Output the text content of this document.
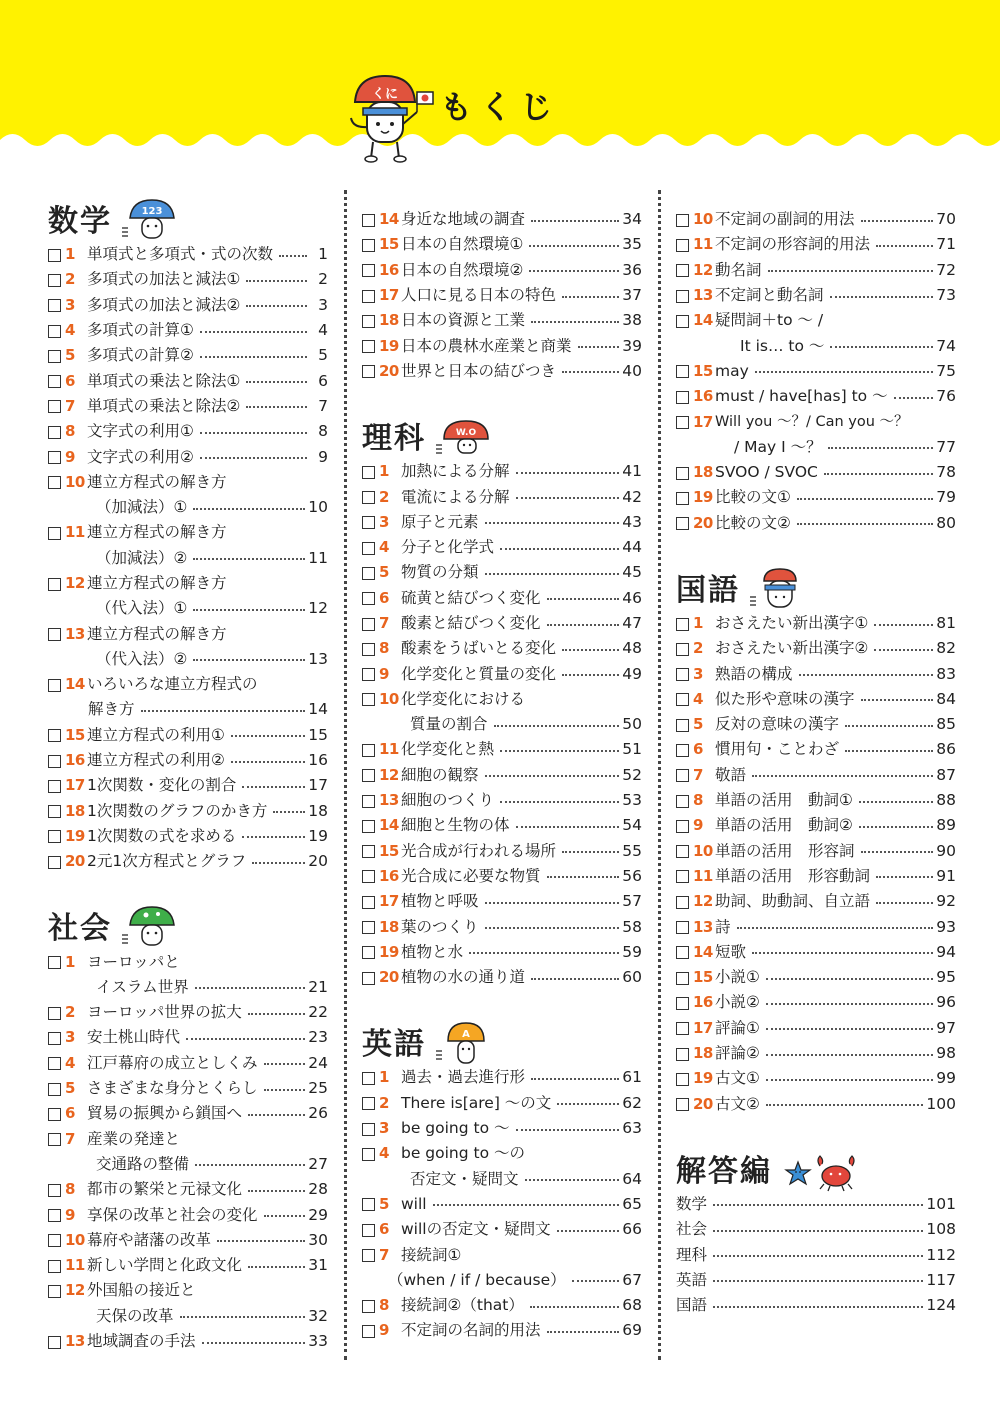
くに
日 もくじ
数学	123
1 単項式と多項式・式の次数	1
2 多項式の加法と減法①	2
3 多項式の加法と減法②	3
4 多項式の計算①	4
5 多項式の計算②	5
6 単項式の乗法と除法①	6
7 単項式の乗法と除法②	7
8 文字式の利用①	8
9 文字式の利用②	9
10 連立方程式の解き方
（加減法）①	10
11 連立方程式の解き方
（加減法）②	11
12 連立方程式の解き方
（代入法）①	12
13 連立方程式の解き方
（代入法）②	13
14 いろいろな連立方程式の
解き方	14
15 連立方程式の利用①	15
16 連立方程式の利用②	16
17 1次関数・変化の割合	17
18 1次関数のグラフのかき方	18
19 1次関数の式を求める	19
20 2元1次方程式とグラフ	20
社会
1 ヨーロッパと
イスラム世界	21
2 ヨーロッパ世界の拡大	22
3 安土桃山時代	23
4 江戸幕府の成立としくみ	24
5 さまざまな身分とくらし	25
6 貿易の振興から鎖国へ	26
7 産業の発達と
交通路の整備	27
8 都市の繁栄と元禄文化	28
9 享保の改革と社会の変化	29
10 幕府や諸藩の改革	30
11 新しい学問と化政文化	31
12 外国船の接近と
天保の改革	32
13 地域調査の手法	33
14 身近な地域の調査	34
15 日本の自然環境①	35
16 日本の自然環境②	36
17 人口に見る日本の特色	37
18 日本の資源と工業	38
19 日本の農林水産業と商業	39
20 世界と日本の結びつき	40
理科	W.O
1 加熱による分解	41
2 電流による分解	42
3 原子と元素	43
4 分子と化学式	44
5 物質の分類	45
6 硫黄と結びつく変化	46
7 酸素と結びつく変化	47
8 酸素をうばいとる変化	48
9 化学変化と質量の変化	49
10 化学変化における
質量の割合	50
11 化学変化と熱	51
12 細胞の観察	52
13 細胞のつくり	53
14 細胞と生物の体	54
15 光合成が行われる場所	55
16 光合成に必要な物質	56
17 植物と呼吸	57
18 葉のつくり	58
19 植物と水	59
20 植物の水の通り道	60
英語	A
1 過去・過去進行形	61
2 There is[are] ～の文	62
3 be going to ～	63
4 be going to ～の
否定文・疑問文	64
5 will	65
6 willの否定文・疑問文	66
7 接続詞①
（when / if / because）	67
8 接続詞②（that）	68
9 不定詞の名詞的用法	69
10 不定詞の副詞的用法	70
11 不定詞の形容詞的用法	71
12 動名詞	72
13 不定詞と動名詞	73
14 疑問詞＋to ～ /
It is… to ～	74
15 may	75
16 must / have[has] to ～	76
17 Will you ～？/ Can you ～？
/ May I ～？	77
18 SVOO / SVOC	78
19 比較の文①	79
20 比較の文②	80
国語
1 おさえたい新出漢字①	81
2 おさえたい新出漢字②	82
3 熟語の構成	83
4 似た形や意味の漢字	84
5 反対の意味の漢字	85
6 慣用句・ことわざ	86
7 敬語	87
8 単語の活用　動詞①	88
9 単語の活用　動詞②	89
10 単語の活用　形容詞	90
11 単語の活用　形容動詞	91
12 助詞、助動詞、自立語	92
13 詩	93
14 短歌	94
15 小説①	95
16 小説②	96
17 評論①	97
18 評論②	98
19 古文①	99
20 古文②	100
解答編
数学	101
社会	108
理科	112
英語	117
国語	124
